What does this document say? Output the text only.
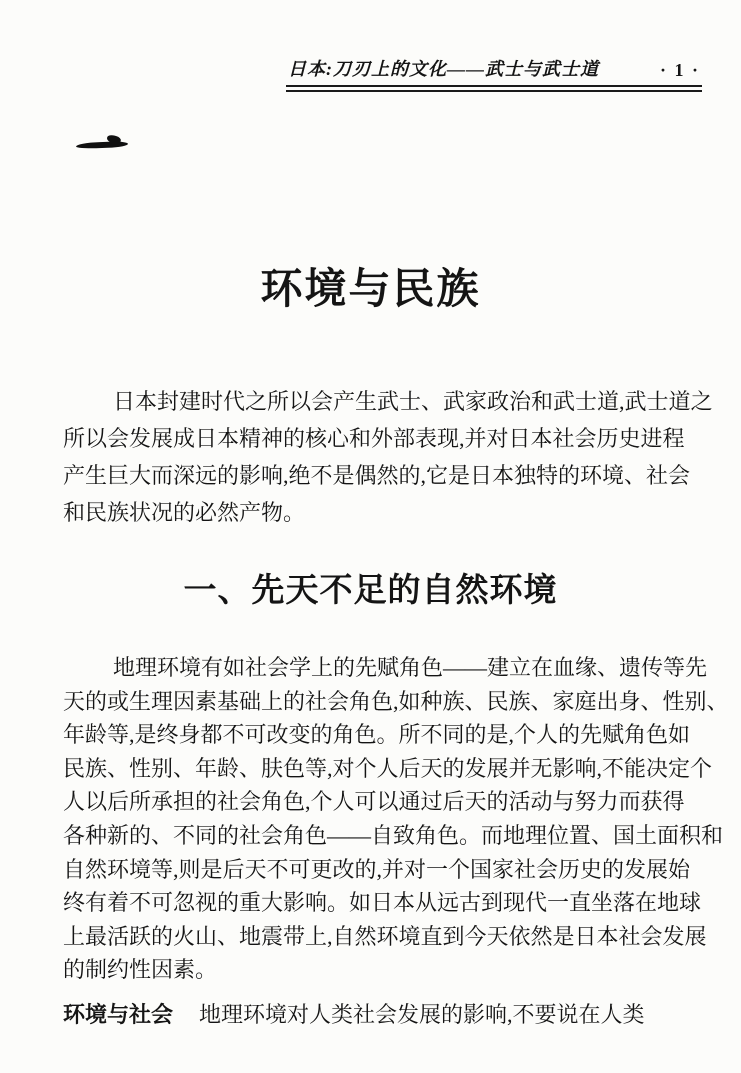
日本:刀刃上的文化——武士与武士道	· 1 ·
环境与民族
日本封建时代之所以会产生武士、武家政治和武士道,武士道之
所以会发展成日本精神的核心和外部表现,并对日本社会历史进程
产生巨大而深远的影响,绝不是偶然的,它是日本独特的环境、社会
和民族状况的必然产物。
一、先天不足的自然环境
地理环境有如社会学上的先赋角色——建立在血缘、遗传等先
天的或生理因素基础上的社会角色,如种族、民族、家庭出身、性别、
年龄等,是终身都不可改变的角色。所不同的是,个人的先赋角色如
民族、性别、年龄、肤色等,对个人后天的发展并无影响,不能决定个
人以后所承担的社会角色,个人可以通过后天的活动与努力而获得
各种新的、不同的社会角色——自致角色。而地理位置、国土面积和
自然环境等,则是后天不可更改的,并对一个国家社会历史的发展始
终有着不可忽视的重大影响。如日本从远古到现代一直坐落在地球
上最活跃的火山、地震带上,自然环境直到今天依然是日本社会发展
的制约性因素。
环境与社会 地理环境对人类社会发展的影响,不要说在人类
